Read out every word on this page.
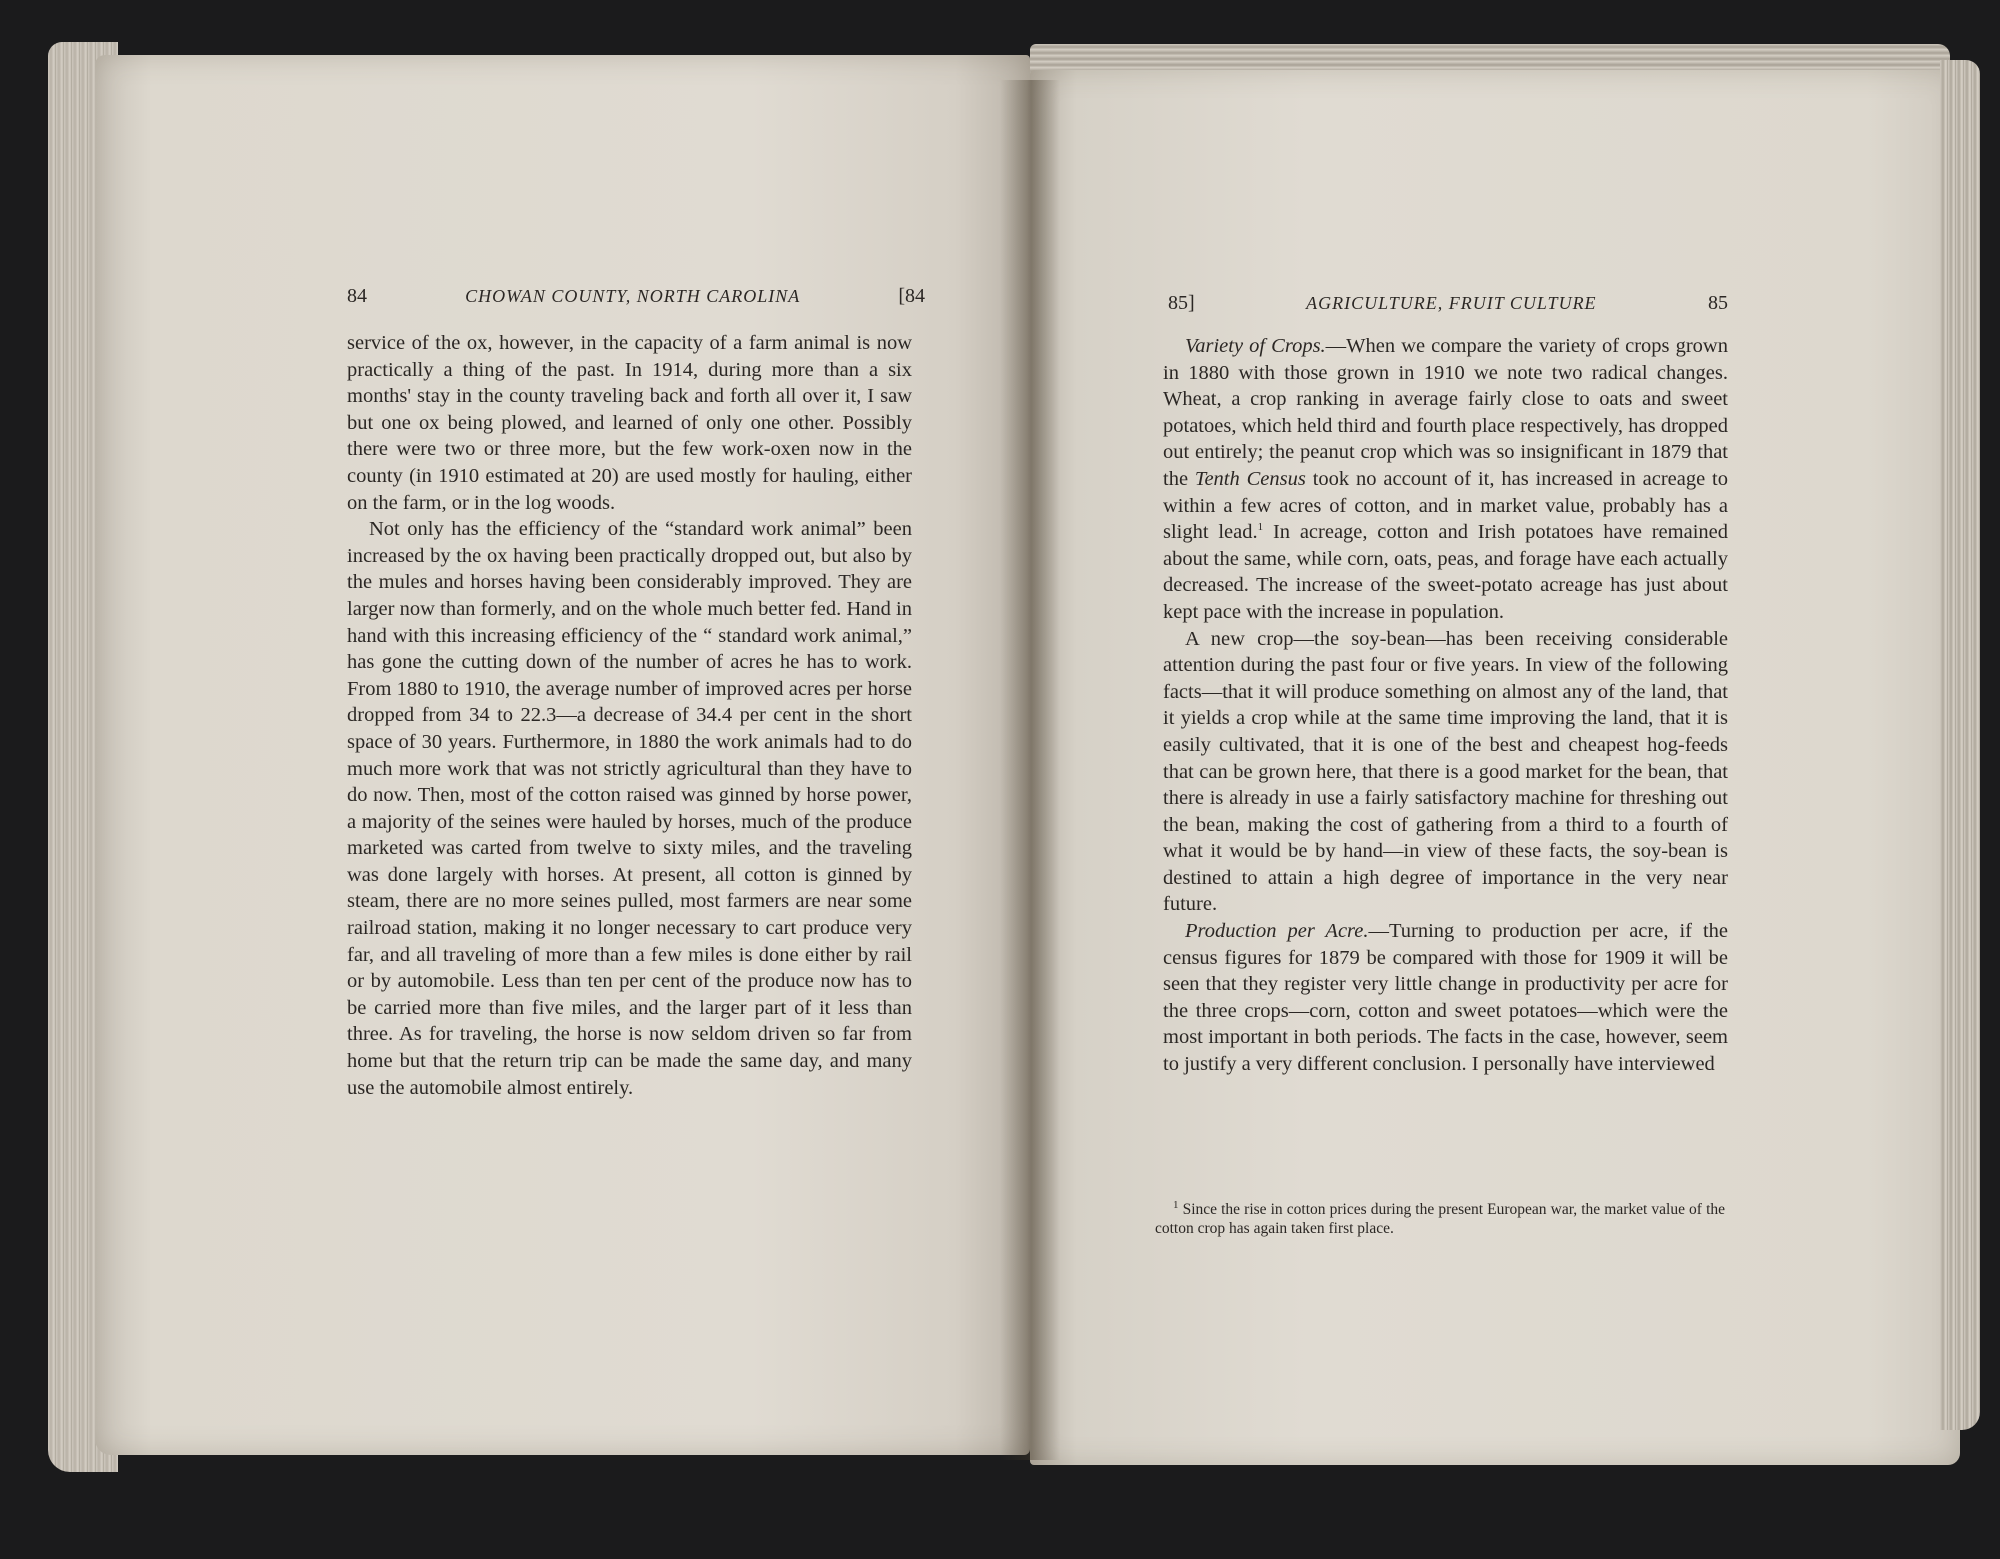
84	CHOWAN COUNTY, NORTH CAROLINA	[84

service of the ox, however, in the capacity of a farm animal is now practically a thing of the past. In 1914, during more than a six months' stay in the county traveling back and forth all over it, I saw but one ox being plowed, and learned of only one other. Possibly there were two or three more, but the few work-oxen now in the county (in 1910 estimated at 20) are used mostly for hauling, either on the farm, or in the log woods.

Not only has the efficiency of the “standard work animal” been increased by the ox having been practically dropped out, but also by the mules and horses having been considerably improved. They are larger now than formerly, and on the whole much better fed. Hand in hand with this increasing efficiency of the “ standard work animal,” has gone the cutting down of the number of acres he has to work. From 1880 to 1910, the average number of improved acres per horse dropped from 34 to 22.3—a decrease of 34.4 per cent in the short space of 30 years. Furthermore, in 1880 the work animals had to do much more work that was not strictly agricultural than they have to do now. Then, most of the cotton raised was ginned by horse power, a majority of the seines were hauled by horses, much of the produce marketed was carted from twelve to sixty miles, and the traveling was done largely with horses. At present, all cotton is ginned by steam, there are no more seines pulled, most farmers are near some railroad station, making it no longer necessary to cart produce very far, and all traveling of more than a few miles is done either by rail or by automobile. Less than ten per cent of the produce now has to be carried more than five miles, and the larger part of it less than three. As for traveling, the horse is now seldom driven so far from home but that the return trip can be made the same day, and many use the automobile almost entirely.

85]	AGRICULTURE, FRUIT CULTURE	85

Variety of Crops.—When we compare the variety of crops grown in 1880 with those grown in 1910 we note two radical changes. Wheat, a crop ranking in average fairly close to oats and sweet potatoes, which held third and fourth place respectively, has dropped out entirely; the peanut crop which was so insignificant in 1879 that the Tenth Census took no account of it, has increased in acreage to within a few acres of cotton, and in market value, probably has a slight lead.$^1$ In acreage, cotton and Irish potatoes have remained about the same, while corn, oats, peas, and forage have each actually decreased. The increase of the sweet-potato acreage has just about kept pace with the increase in population.

A new crop—the soy-bean—has been receiving considerable attention during the past four or five years. In view of the following facts—that it will produce something on almost any of the land, that it yields a crop while at the same time improving the land, that it is easily cultivated, that it is one of the best and cheapest hog-feeds that can be grown here, that there is a good market for the bean, that there is already in use a fairly satisfactory machine for threshing out the bean, making the cost of gathering from a third to a fourth of what it would be by hand—in view of these facts, the soy-bean is destined to attain a high degree of importance in the very near future.

Production per Acre.—Turning to production per acre, if the census figures for 1879 be compared with those for 1909 it will be seen that they register very little change in productivity per acre for the three crops—corn, cotton and sweet potatoes—which were the most important in both periods. The facts in the case, however, seem to justify a very different conclusion. I personally have interviewed

$^1$ Since the rise in cotton prices during the present European war, the market value of the cotton crop has again taken first place.
